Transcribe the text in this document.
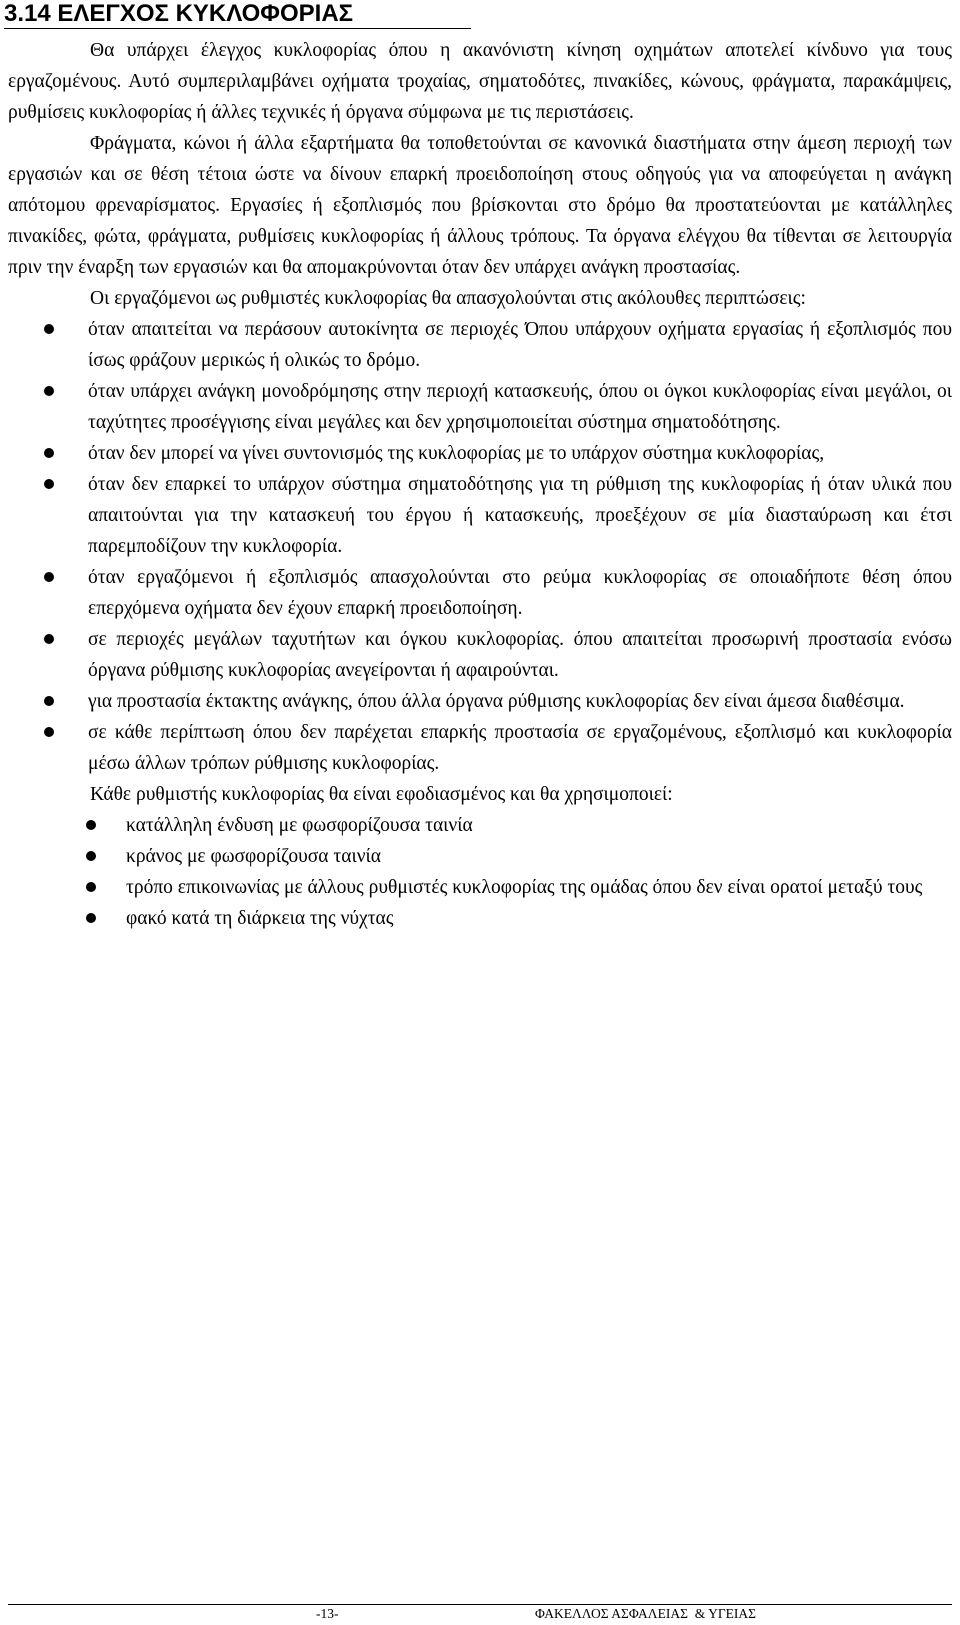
3.14 ΕΛΕΓΧΟΣ ΚΥΚΛΟΦΟΡΙΑΣ

Θα υπάρχει έλεγχος κυκλοφορίας όπου η ακανόνιστη κίνηση οχημάτων αποτελεί κίνδυνο για τους εργαζομένους. Αυτό συμπεριλαμβάνει οχήματα τροχαίας, σηματοδότες, πινακίδες, κώνους, φράγματα, παρακάμψεις, ρυθμίσεις κυκλοφορίας ή άλλες τεχνικές ή όργανα σύμφωνα με τις περιστάσεις.

Φράγματα, κώνοι ή άλλα εξαρτήματα θα τοποθετούνται σε κανονικά διαστήματα στην άμεση περιοχή των εργασιών και σε θέση τέτοια ώστε να δίνουν επαρκή προειδοποίηση στους οδηγούς για να αποφεύγεται η ανάγκη απότομου φρεναρίσματος. Εργασίες ή εξοπλισμός που βρίσκονται στο δρόμο θα προστατεύονται με κατάλληλες πινακίδες, φώτα, φράγματα, ρυθμίσεις κυκλοφορίας ή άλλους τρόπους. Τα όργανα ελέγχου θα τίθενται σε λειτουργία πριν την έναρξη των εργασιών και θα απομακρύνονται όταν δεν υπάρχει ανάγκη προστασίας.

Οι εργαζόμενοι ως ρυθμιστές κυκλοφορίας θα απασχολούνται στις ακόλουθες περιπτώσεις:

όταν απαιτείται να περάσουν αυτοκίνητα σε περιοχές Όπου υπάρχουν οχήματα εργασίας ή εξοπλισμός που ίσως φράζουν μερικώς ή ολικώς το δρόμο.
όταν υπάρχει ανάγκη μονοδρόμησης στην περιοχή κατασκευής, όπου οι όγκοι κυκλοφορίας είναι μεγάλοι, οι ταχύτητες προσέγγισης είναι μεγάλες και δεν χρησιμοποιείται σύστημα σηματοδότησης.
όταν δεν μπορεί να γίνει συντονισμός της κυκλοφορίας με το υπάρχον σύστημα κυκλοφορίας,
όταν δεν επαρκεί το υπάρχον σύστημα σηματοδότησης για τη ρύθμιση της κυκλοφορίας ή όταν υλικά που απαιτούνται για την κατασκευή του έργου ή κατασκευής, προεξέχουν σε μία διασταύρωση και έτσι παρεμποδίζουν την κυκλοφορία.
όταν εργαζόμενοι ή εξοπλισμός απασχολούνται στο ρεύμα κυκλοφορίας σε οποιαδήποτε θέση όπου επερχόμενα οχήματα δεν έχουν επαρκή προειδοποίηση.
σε περιοχές μεγάλων ταχυτήτων και όγκου κυκλοφορίας. όπου απαιτείται προσωρινή προστασία ενόσω όργανα ρύθμισης κυκλοφορίας ανεγείρονται ή αφαιρούνται.
για προστασία έκτακτης ανάγκης, όπου άλλα όργανα ρύθμισης κυκλοφορίας δεν είναι άμεσα διαθέσιμα.
σε κάθε περίπτωση όπου δεν παρέχεται επαρκής προστασία σε εργαζομένους, εξοπλισμό και κυκλοφορία μέσω άλλων τρόπων ρύθμισης κυκλοφορίας.

Κάθε ρυθμιστής κυκλοφορίας θα είναι εφοδιασμένος και θα χρησιμοποιεί:

κατάλληλη ένδυση με φωσφορίζουσα ταινία
κράνος με φωσφορίζουσα ταινία
τρόπο επικοινωνίας με άλλους ρυθμιστές κυκλοφορίας της ομάδας όπου δεν είναι ορατοί μεταξύ τους
φακό κατά τη διάρκεια της νύχτας
-13-	ΦΑΚΕΛΛΟΣ ΑΣΦΑΛΕΙΑΣ  & ΥΓΕΙΑΣ
